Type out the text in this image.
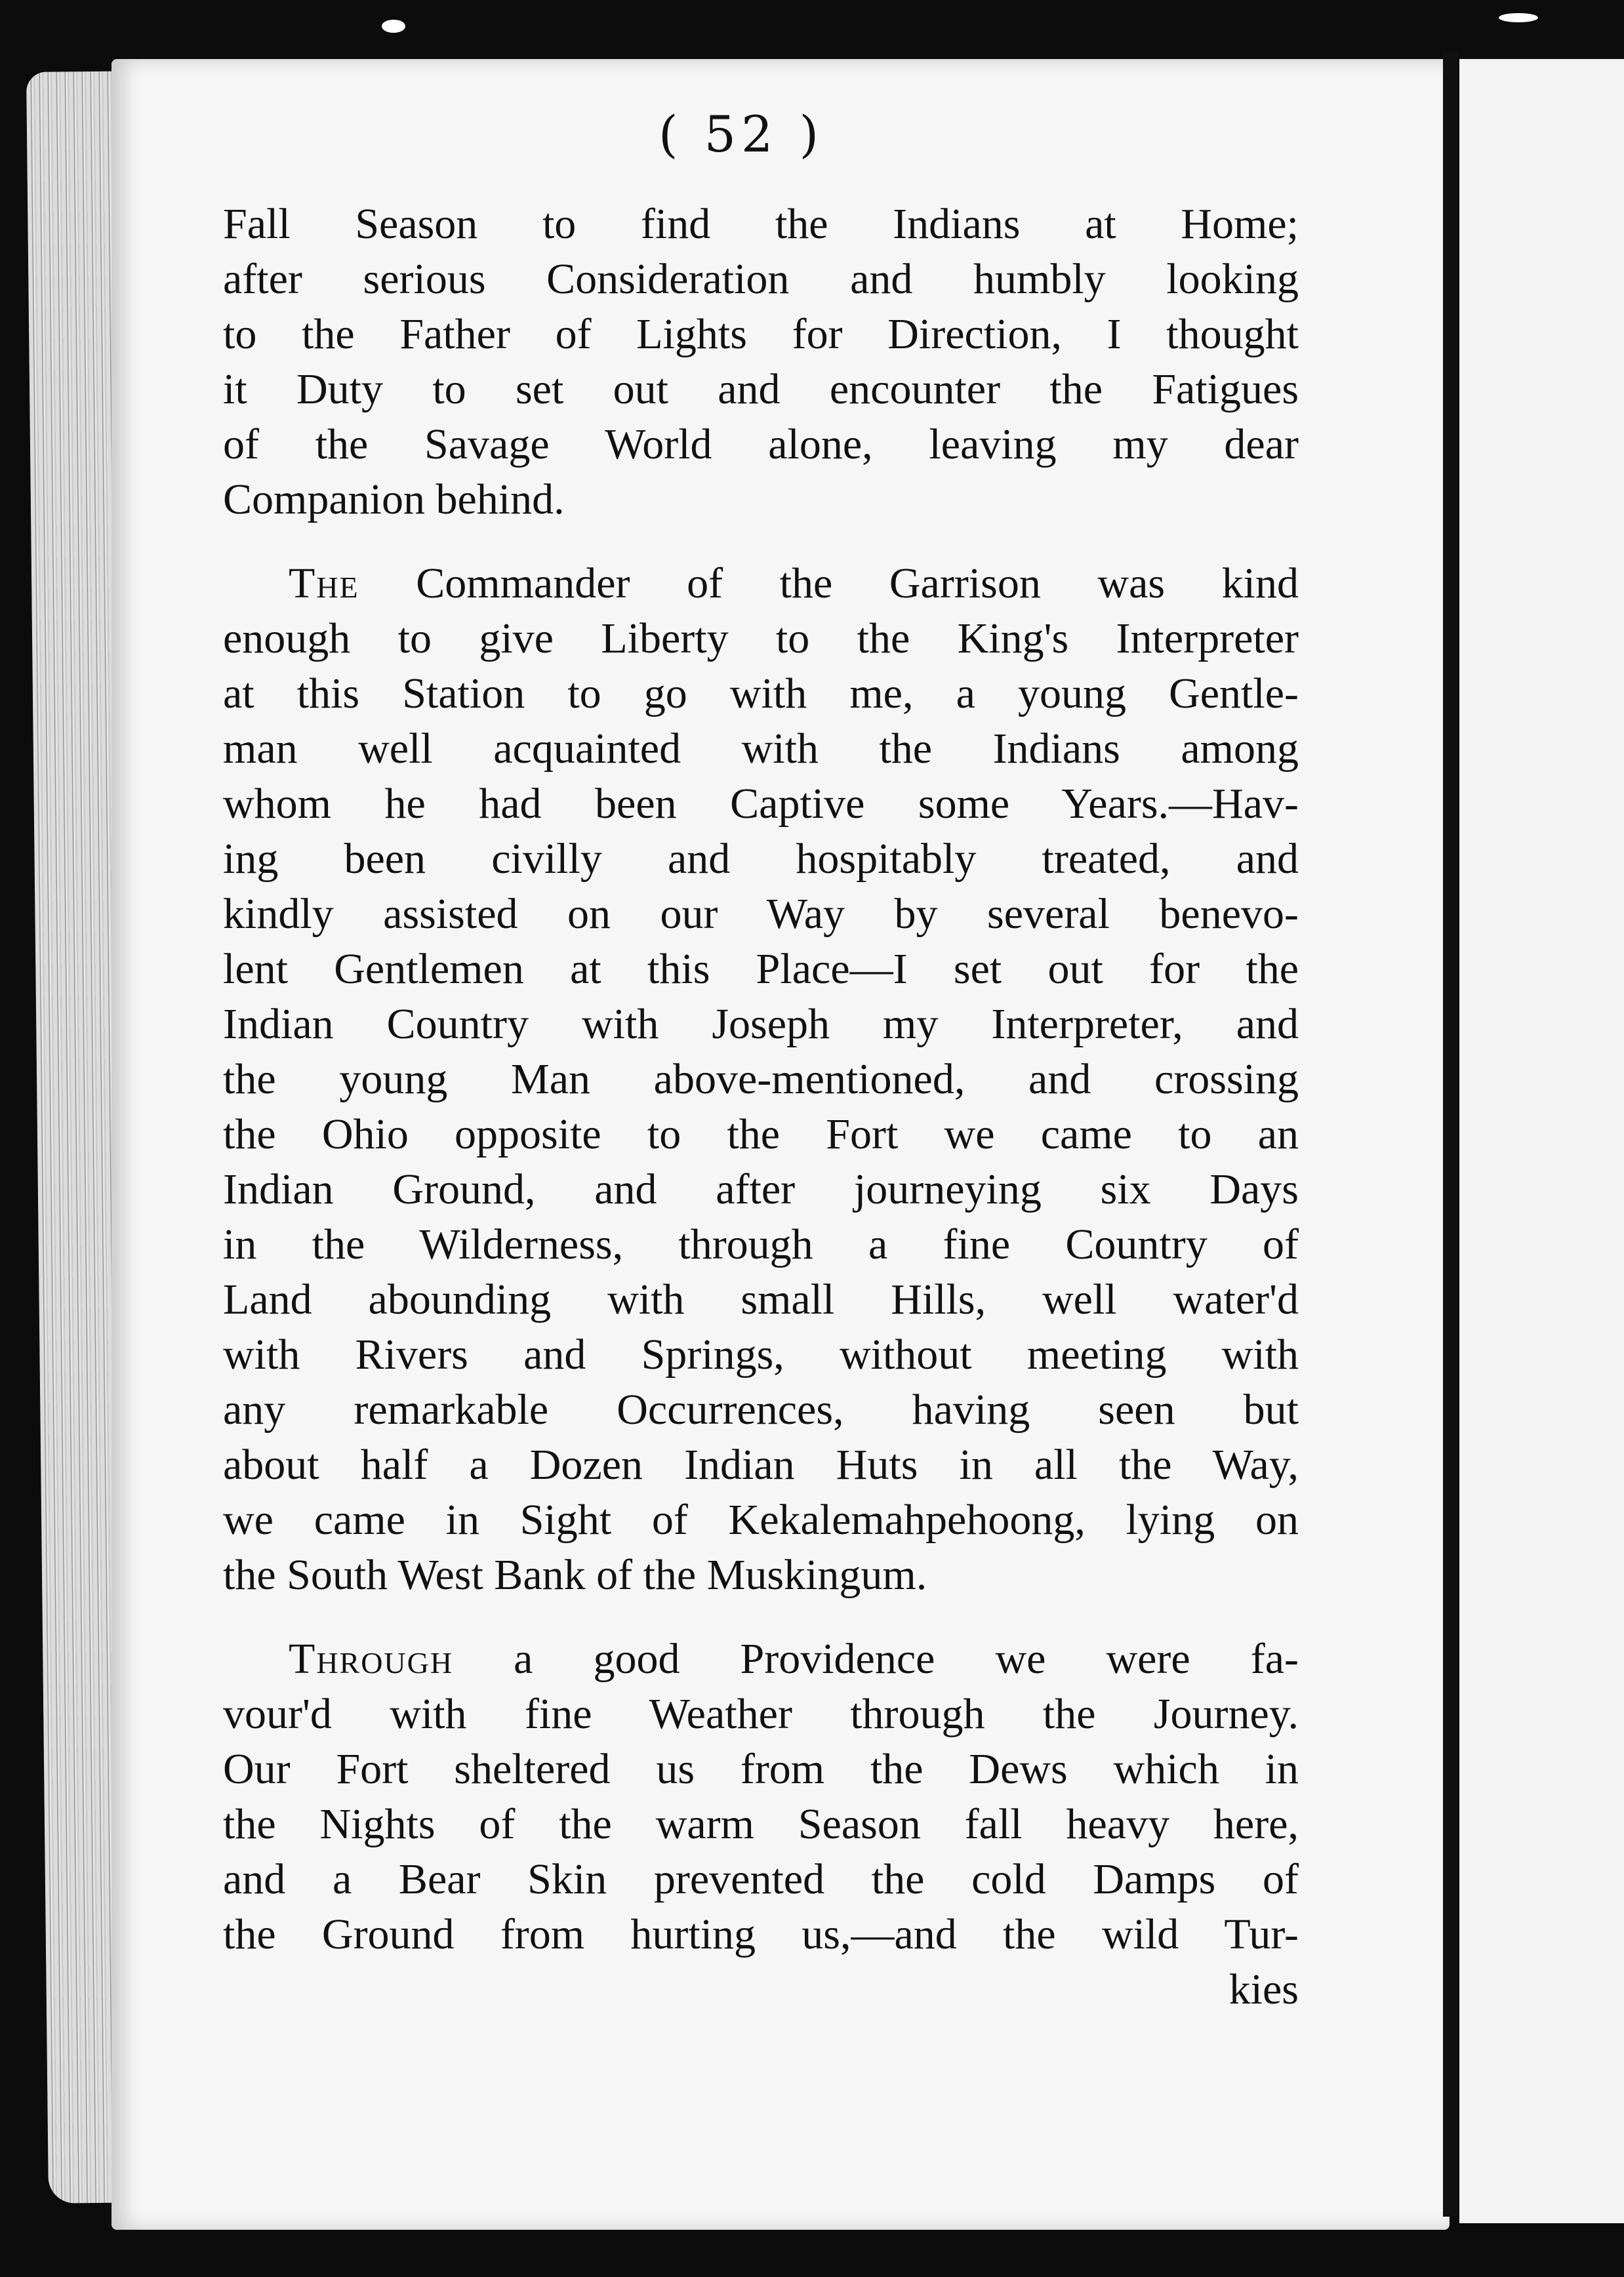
( 52 )
Fall Season to find the Indians at Home;
after serious Consideration and humbly looking
to the Father of Lights for Direction, I thought
it Duty to set out and encounter the Fatigues
of the Savage World alone, leaving my dear
Companion behind.
The Commander of the Garrison was kind
enough to give Liberty to the King's Interpreter
at this Station to go with me, a young Gentle-
man well acquainted with the Indians among
whom he had been Captive some Years.—Hav-
ing been civilly and hospitably treated, and
kindly assisted on our Way by several benevo-
lent Gentlemen at this Place—I set out for the
Indian Country with Joseph my Interpreter, and
the young Man above-mentioned, and crossing
the Ohio opposite to the Fort we came to an
Indian Ground, and after journeying six Days
in the Wilderness, through a fine Country of
Land abounding with small Hills, well water'd
with Rivers and Springs, without meeting with
any remarkable Occurrences, having seen but
about half a Dozen Indian Huts in all the Way,
we came in Sight of Kekalemahpehoong, lying on
the South West Bank of the Muskingum.
Through a good Providence we were fa-
vour'd with fine Weather through the Journey.
Our Fort sheltered us from the Dews which in
the Nights of the warm Season fall heavy here,
and a Bear Skin prevented the cold Damps of
the Ground from hurting us,—and the wild Tur-
kies
